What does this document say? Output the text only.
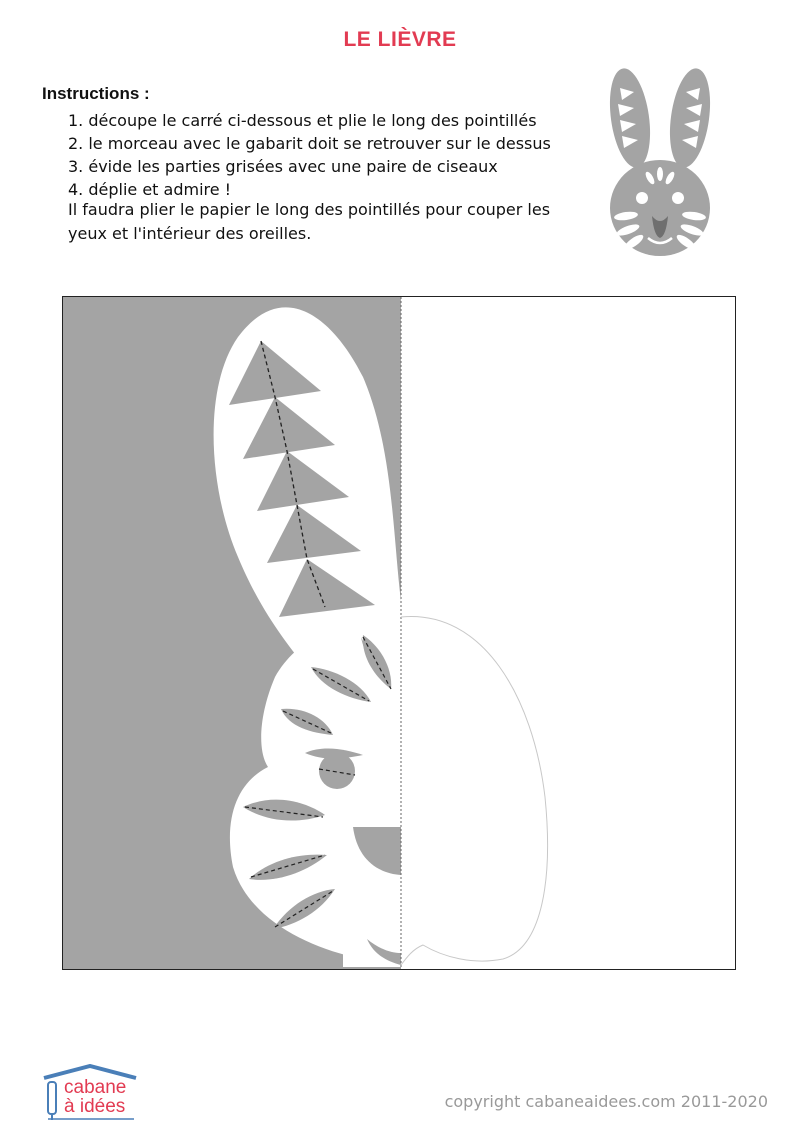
LE LIÈVRE
Instructions :
1. découpe le carré ci-dessous et plie le long des pointillés
2. le morceau avec le gabarit doit se retrouver sur le dessus
3. évide les parties grisées avec une paire de ciseaux
4. déplie et admire !

Il faudra plier le papier le long des pointillés pour couper les
yeux et l'intérieur des oreilles.

cabane
à idées	copyright cabaneaidees.com 2011-2020
